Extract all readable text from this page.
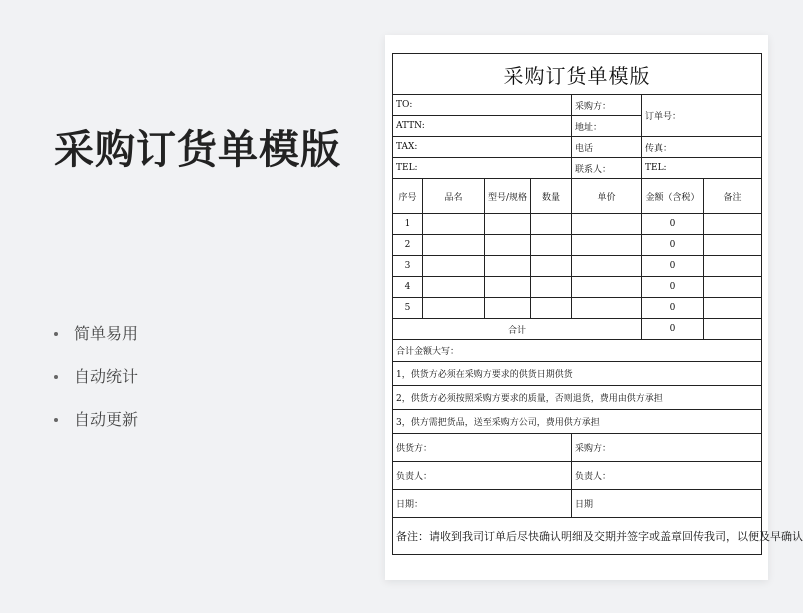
采购订货单模版
简单易用
自动统计
自动更新
采购订货单模版						
TO:				采购方：	订单号：	
ATTN:				地址：		
TAX:				电话	传真：	
TEL:				联系人：	TEL:	
序号	品名	型号/规格	数量	单价	金额（含税）	备注
1					0	
2					0	
3					0	
4					0	
5					0	
合计					0	
合计金额大写：						
1，供货方必须在采购方要求的供货日期供货						
2，供货方必须按照采购方要求的质量，否则退货，费用由供方承担						
3，供方需把货品，送至采购方公司，费用供方承担						
供货方：				采购方：		
负责人：				负责人：		
日期：				日期		
备注：请收到我司订单后尽快确认明细及交期并签字或盖章回传我司，以便及早确认						
